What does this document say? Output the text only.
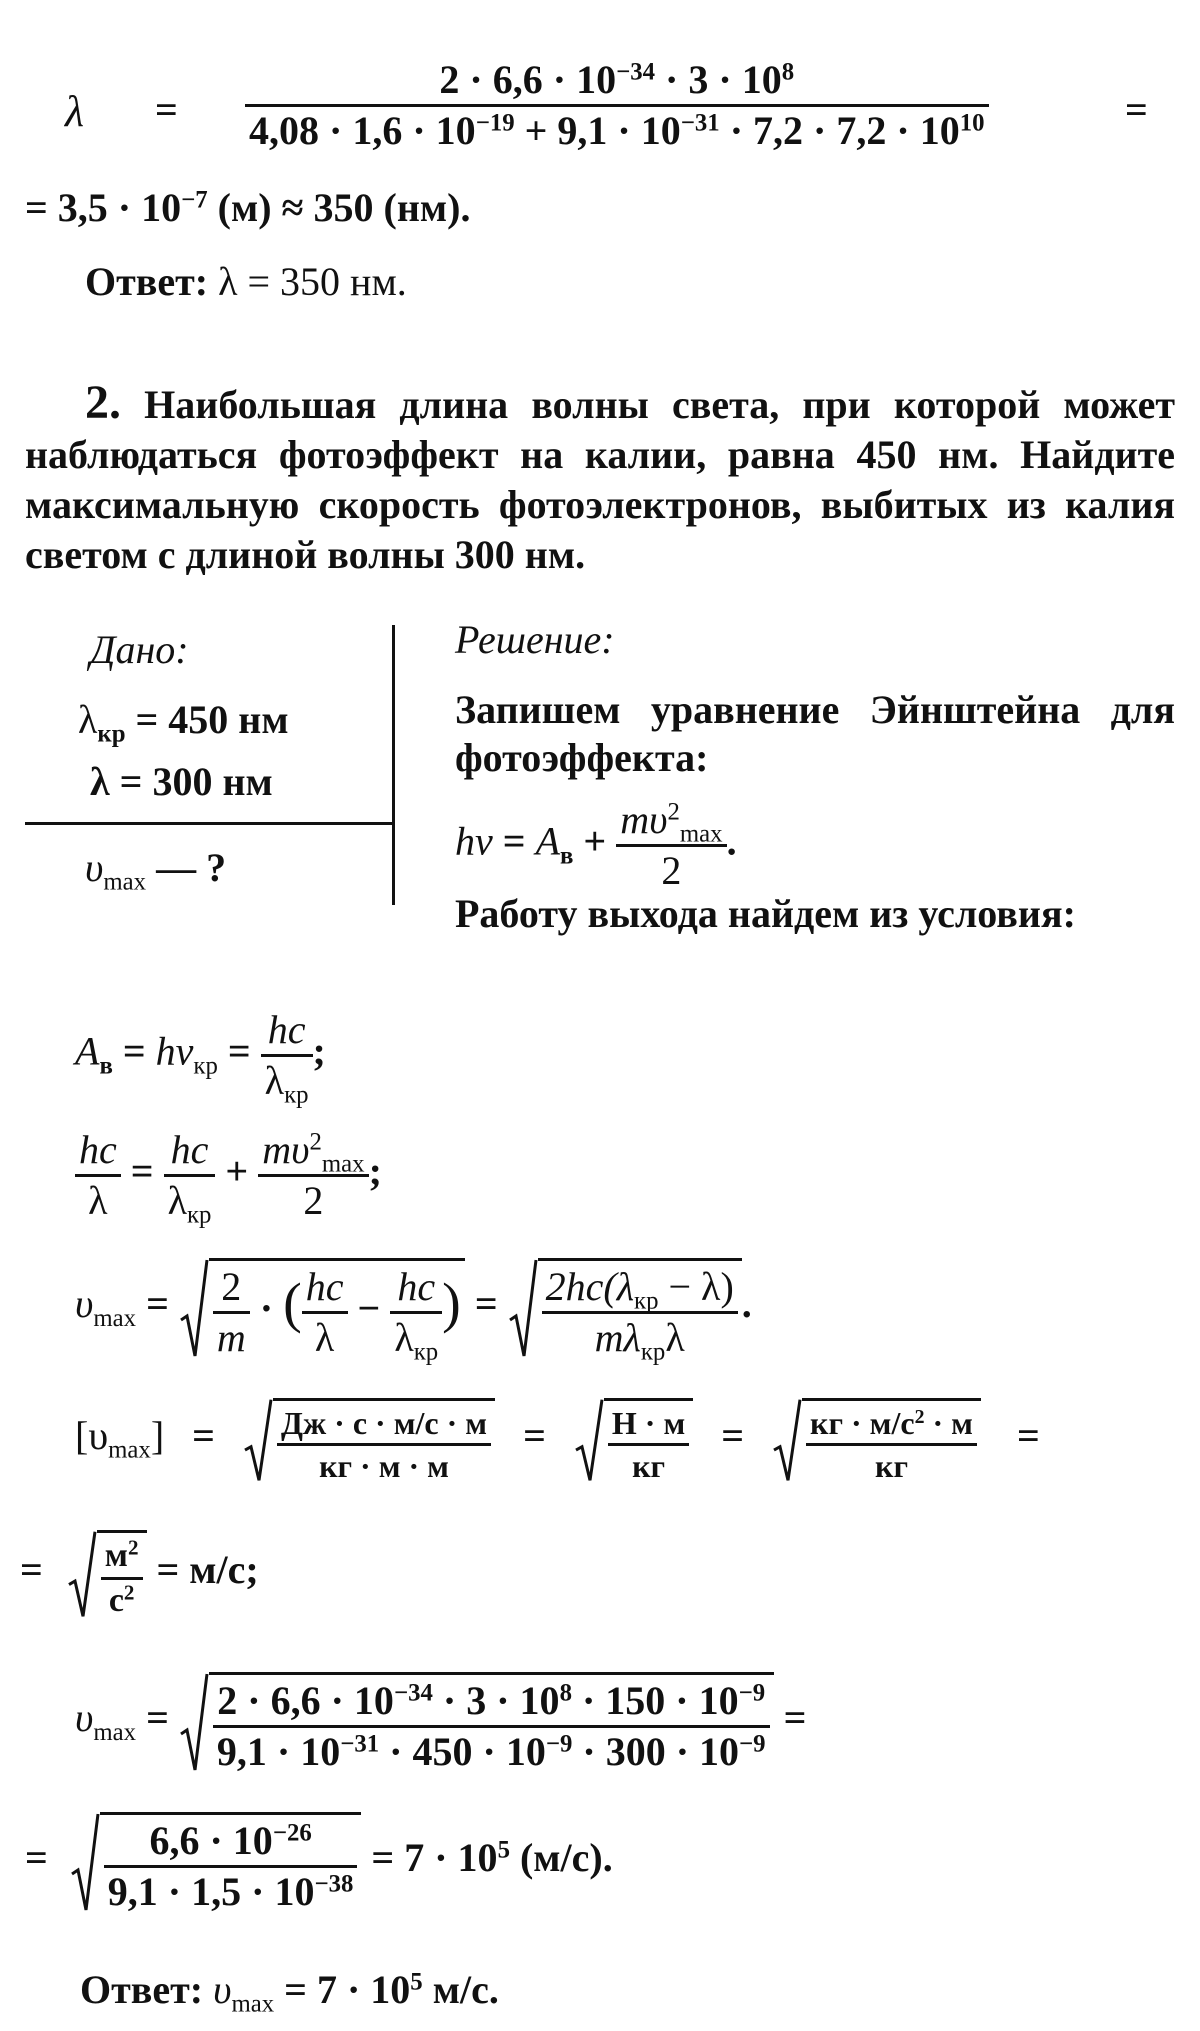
$\lambda = \frac{2 \cdot 6,6 \cdot 10^{-34} \cdot 3 \cdot 10^8}{4,08 \cdot 1,6 \cdot 10^{-19} + 9,1 \cdot 10^{-31} \cdot 7,2 \cdot 7,2 \cdot 10^{10}}$	=
= $3,5 \cdot 10^{-7}$ (м) ≈ 350 (нм).
Ответ: λ = 350 нм.
2. Наибольшая длина волны света, при которой может наблюдаться фотоэффект на калии, равна 450 нм. Найдите максимальную скорость фотоэлектронов, выбитых из калия светом с длиной волны 300 нм.
Дано:
$\lambda_{кр} = 450$ нм
λ = 300 нм
$\upsilon_{max}$ — ?
Решение:
Запишем уравнение Эйнштейна для фотоэффекта:
$h\nu = A_в + \frac{m\upsilon^2_{max}}{2}$ .
Работу выхода найдем из условия:
$A_в = h\nu_{кр} = \frac{hc}{\lambda_{кр}}$ ;
$\frac{hc}{\lambda} = \frac{hc}{\lambda_{кр}} + \frac{m\upsilon^2_{max}}{2}$ ;
$\upsilon_{max} = \frac{2}{m}$ · ( $\frac{hc}{\lambda} - \frac{hc}{\lambda_{кр}}$ ) = $\frac{2hc(\lambda_{кр} - \lambda)}{m\lambda_{кр}\lambda}$ .
$[\upsilon_{max}] = \frac{Дж \cdot с \cdot м/с \cdot м}{кг \cdot м \cdot м} = \frac{Н \cdot м}{кг} = \frac{кг \cdot м/с^2 \cdot м}{кг}$ =
= $\frac{м^2}{с^2} = м/с$;
$\upsilon_{max} = \frac{2 \cdot 6,6 \cdot 10^{-34} \cdot 3 \cdot 10^8 \cdot 150 \cdot 10^{-9}}{9,1 \cdot 10^{-31} \cdot 450 \cdot 10^{-9} \cdot 300 \cdot 10^{-9}}$ =
= $\frac{6,6 \cdot 10^{-26}}{9,1 \cdot 1,5 \cdot 10^{-38}} = 7 \cdot 10^5$ (м/с).
Ответ: $\upsilon_{max} = 7 \cdot 10^5$ м/с.
